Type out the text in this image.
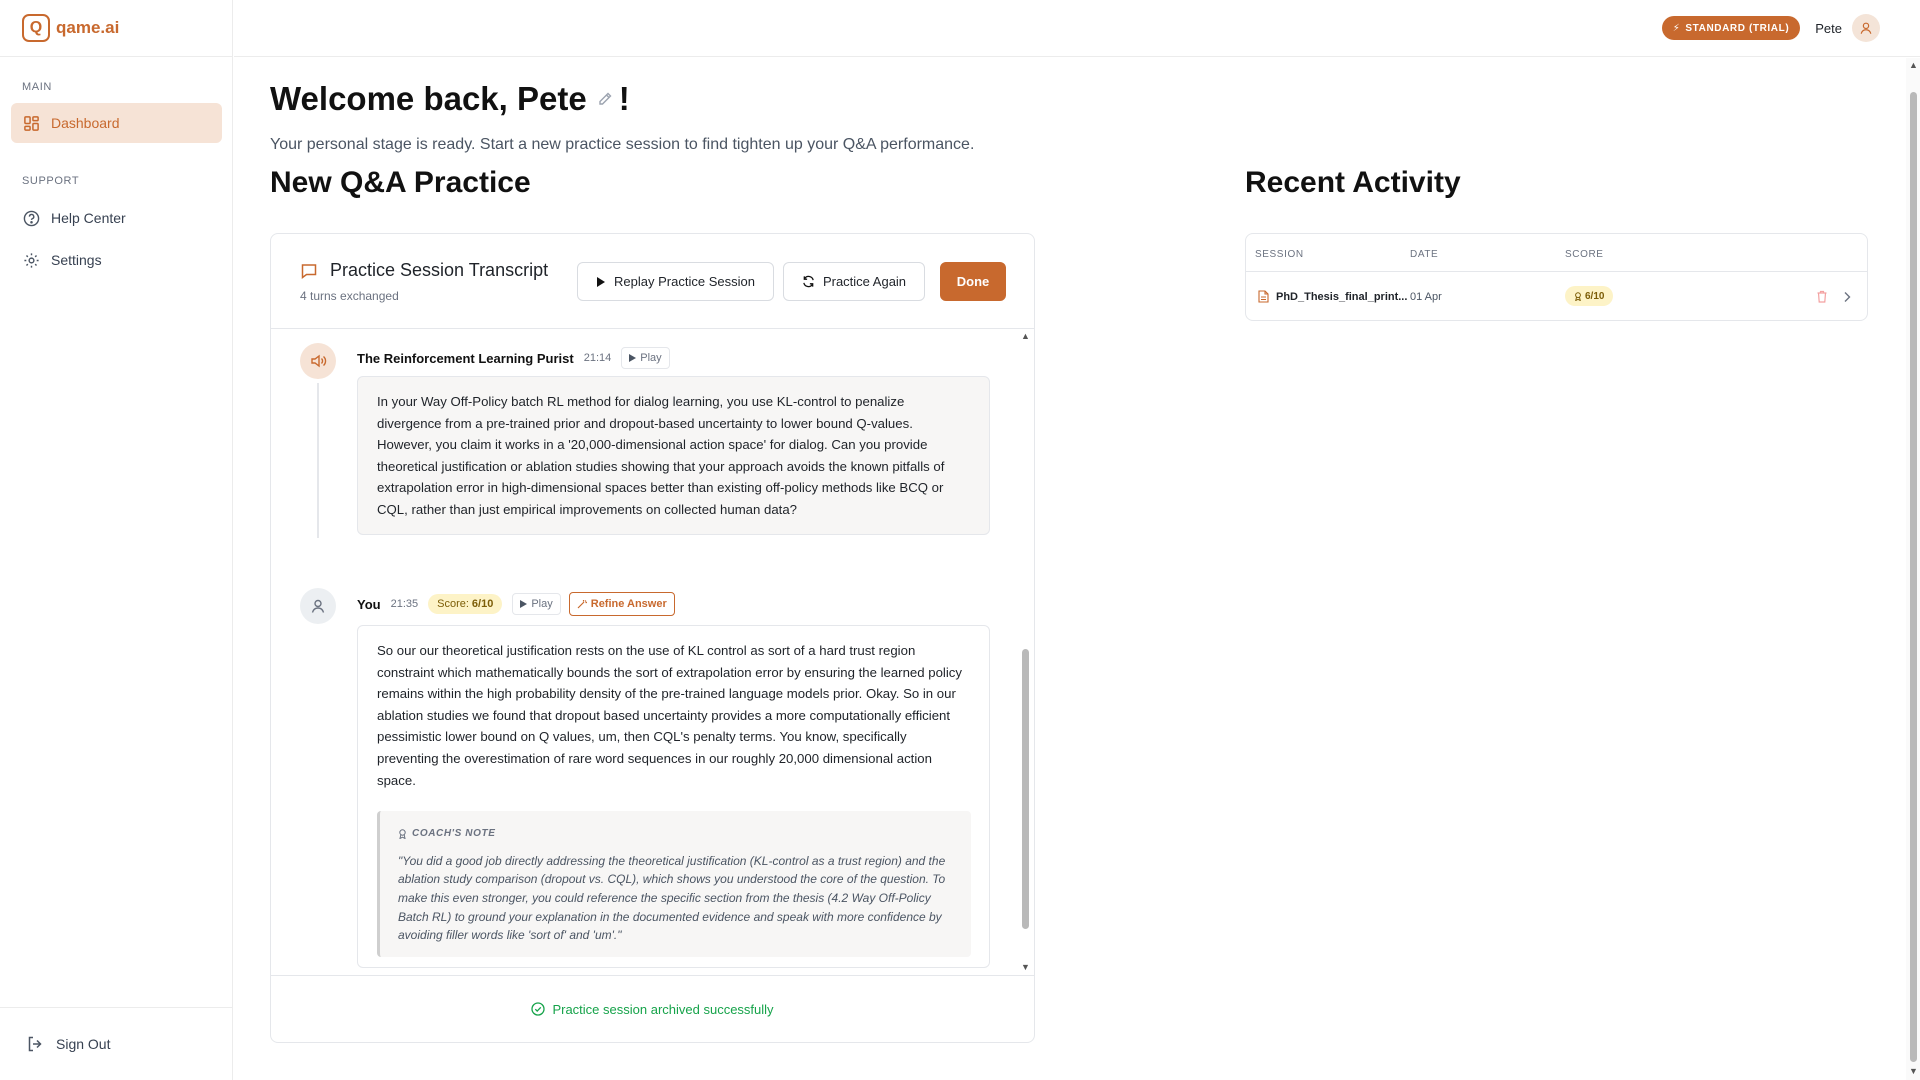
Q qame.ai
MAIN
Dashboard
SUPPORT
Help Center
Settings
Sign Out
⚡ STANDARD (TRIAL) Pete
Welcome back, Pete !

Your personal stage is ready. Start a new practice session to find tighten up your Q&A performance.

New Q&A Practice	Recent Activity
Practice Session Transcript
4 turns exchanged
Replay Practice Session	Practice Again	Done
The Reinforcement Learning Purist 21:14	Play
In your Way Off-Policy batch RL method for dialog learning, you use KL-control to penalize divergence from a pre-trained prior and dropout-based uncertainty to lower bound Q-values. However, you claim it works in a '20,000-dimensional action space' for dialog. Can you provide theoretical justification or ablation studies showing that your approach avoids the known pitfalls of extrapolation error in high-dimensional spaces better than existing off-policy methods like BCQ or CQL, rather than just empirical improvements on collected human data?
You 21:35 Score: 6/10	Play	Refine Answer
So our our theoretical justification rests on the use of KL control as sort of a hard trust region constraint which mathematically bounds the sort of extrapolation error by ensuring the learned policy remains within the high probability density of the pre-trained language models prior. Okay. So in our ablation studies we found that dropout based uncertainty provides a more computationally efficient pessimistic lower bound on Q values, um, then CQL's penalty terms. You know, specifically preventing the overestimation of rare word sequences in our roughly 20,000 dimensional action space.
COACH'S NOTE
"You did a good job directly addressing the theoretical justification (KL-control as a trust region) and the ablation study comparison (dropout vs. CQL), which shows you understood the core of the question. To make this even stronger, you could reference the specific section from the thesis (4.2 Way Off-Policy Batch RL) to ground your explanation in the documented evidence and speak with more confidence by avoiding filler words like 'sort of' and 'um'."
▲
▼
Practice session archived successfully
SESSION	DATE	SCORE
PhD_Thesis_final_print... 01 Apr	6/10
▲
▼
